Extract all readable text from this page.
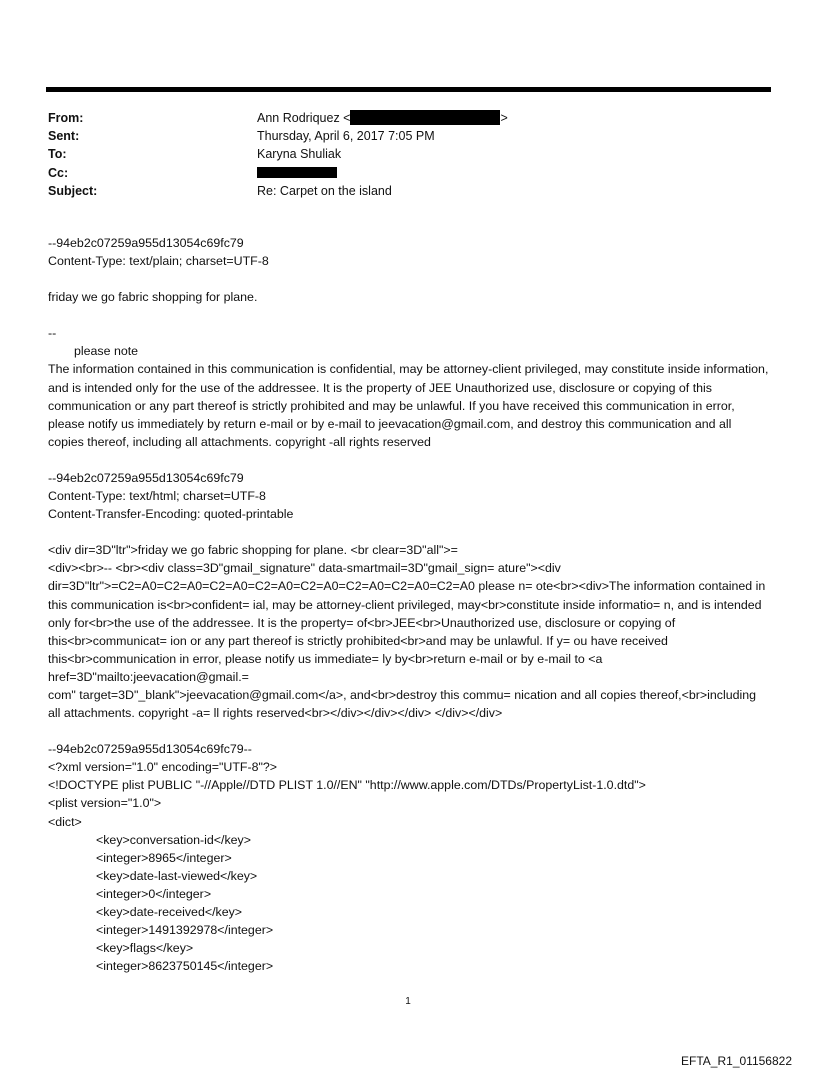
From:	Ann Rodriquez <	>
Sent:	Thursday, April 6, 2017 7:05 PM
To:	Karyna Shuliak
Cc:
Subject:	Re: Carpet on the island

--94eb2c07259a955d13054c69fc79

Content-Type: text/plain; charset=UTF-8

friday we go fabric shopping for plane.

--

please note

The information contained in this communication is confidential, may be attorney-client privileged, may constitute inside information, and is intended only for the use of the addressee. It is the property of JEE Unauthorized use, disclosure or copying of this communication or any part thereof is strictly prohibited and may be unlawful. If you have received this communication in error, please notify us immediately by return e-mail or by e-mail to jeevacation@gmail.com, and destroy this communication and all copies thereof, including all attachments. copyright -all rights reserved

--94eb2c07259a955d13054c69fc79

Content-Type: text/html; charset=UTF-8

Content-Transfer-Encoding: quoted-printable

<div dir=3D"ltr">friday we go fabric shopping for plane. <br clear=3D"all">=
<div><br>-- <br><div class=3D"gmail_signature" data-smartmail=3D"gmail_sign= ature"><div dir=3D"ltr">=C2=A0=C2=A0=C2=A0=C2=A0=C2=A0=C2=A0=C2=A0=C2=A0 please n= ote<br><div>The information contained in this communication is<br>confident= ial, may be attorney-client privileged, may<br>constitute inside informatio= n, and is intended only for<br>the use of the addressee. It is the property= of<br>JEE<br>Unauthorized use, disclosure or copying of this<br>communicat= ion or any part thereof is strictly prohibited<br>and may be unlawful. If y= ou have received this<br>communication in error, please notify us immediate= ly by<br>return e-mail or by e-mail to <a href=3D"mailto:jeevacation@gmail.=
com" target=3D"_blank">jeevacation@gmail.com</a>, and<br>destroy this commu= nication and all copies thereof,<br>including all attachments. copyright -a= ll rights reserved<br></div></div></div> </div></div>

--94eb2c07259a955d13054c69fc79--

<?xml version="1.0" encoding="UTF-8"?>

<!DOCTYPE plist PUBLIC "-//Apple//DTD PLIST 1.0//EN" "http://www.apple.com/DTDs/PropertyList-1.0.dtd">

<plist version="1.0">

<dict>

<key>conversation-id</key>

<integer>8965</integer>

<key>date-last-viewed</key>

<integer>0</integer>

<key>date-received</key>

<integer>1491392978</integer>

<key>flags</key>

<integer>8623750145</integer>

1
EFTA_R1_01156822
